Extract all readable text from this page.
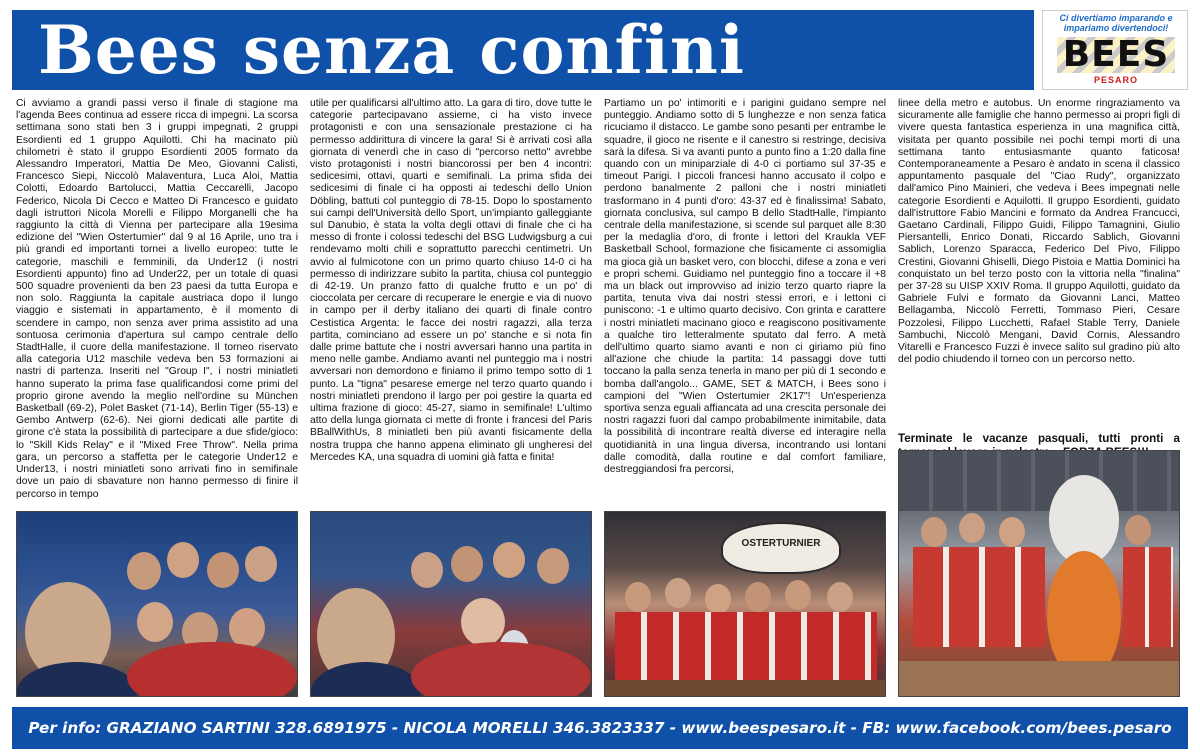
Bees senza confini	Ci divertiamo imparando e impariamo divertendoci!
BEES
PESARO

Ci avviamo a grandi passi verso il finale di stagione ma l'agenda Bees continua ad essere ricca di impegni. La scorsa settimana sono stati ben 3 i gruppi impegnati, 2 gruppi Esordienti ed 1 gruppo Aquilotti. Chi ha macinato più chilometri è stato il gruppo Esordienti 2005 formato da Alessandro Imperatori, Mattia De Meo, Giovanni Calisti, Francesco Siepi, Niccolò Malaventura, Luca Aloi, Mattia Colotti, Edoardo Bartolucci, Mattia Ceccarelli, Jacopo Federico, Nicola Di Cecco e Matteo Di Francesco e guidato dagli istruttori Nicola Morelli e Filippo Morganelli che ha raggiunto la città di Vienna per partecipare alla 19esima edizione del "Wien Ostertumier" dal 9 al 16 Aprile, uno tra i più grandi ed importanti tornei a livello europeo: tutte le categorie, maschili e femminili, da Under12 (i nostri Esordienti appunto) fino ad Under22, per un totale di quasi 500 squadre provenienti da ben 23 paesi da tutta Europa e non solo. Raggiunta la capitale austriaca dopo il lungo viaggio e sistemati in appartamento, è il momento di scendere in campo, non senza aver prima assistito ad una sontuosa cerimonia d'apertura sul campo centrale dello StadtHalle, il cuore della manifestazione. Il torneo riservato alla categoria U12 maschile vedeva ben 53 formazioni ai nastri di partenza. Inseriti nel "Group I", i nostri miniatleti hanno superato la prima fase qualificandosi come primi del proprio girone avendo la meglio nell'ordine su München Basketball (69-2), Polet Basket (71-14), Berlin Tiger (55-13) e Gembo Antwerp (62-6). Nei giorni dedicati alle partite di girone c'è stata la possibilità di partecipare a due sfide/gioco: lo "Skill Kids Relay" e il "Mixed Free Throw". Nella prima gara, un percorso a staffetta per le categorie Under12 e Under13, i nostri miniatleti sono arrivati fino in semifinale dove un paio di sbavature non hanno permesso di finire il percorso in tempo

utile per qualificarsi all'ultimo atto. La gara di tiro, dove tutte le categorie partecipavano assieme, ci ha visto invece protagonisti e con una sensazionale prestazione ci ha permesso addirittura di vincere la gara! Si è arrivati così alla giornata di venerdì che in caso di "percorso netto" avrebbe visto protagonisti i nostri biancorossi per ben 4 incontri: sedicesimi, ottavi, quarti e semifinali. La prima sfida dei sedicesimi di finale ci ha opposti ai tedeschi dello Union Döbling, battuti col punteggio di 78-15. Dopo lo spostamento sui campi dell'Università dello Sport, un'impianto galleggiante sul Danubio, è stata la volta degli ottavi di finale che ci ha messo di fronte i colossi tedeschi del BSG Ludwigsburg a cui rendevamo molti chili e soprattutto parecchi centimetri. Un avvio al fulmicotone con un primo quarto chiuso 14-0 ci ha permesso di indirizzare subito la partita, chiusa col punteggio di 42-19. Un pranzo fatto di qualche frutto e un po' di cioccolata per cercare di recuperare le energie e via di nuovo in campo per il derby italiano dei quarti di finale contro Cestistica Argenta: le facce dei nostri ragazzi, alla terza partita, cominciano ad essere un po' stanche e si nota fin dalle prime battute che i nostri avversari hanno una partita in meno nelle gambe. Andiamo avanti nel punteggio ma i nostri avversari non demordono e finiamo il primo tempo sotto di 1 punto. La "tigna" pesarese emerge nel terzo quarto quando i nostri miniatleti prendono il largo per poi gestire la quarta ed ultima frazione di gioco: 45-27, siamo in semifinale! L'ultimo atto della lunga giornata ci mette di fronte i francesi del Paris BBallWithUs, 8 miniatleti ben più avanti fisicamente della nostra truppa che hanno appena eliminato gli ungheresi del Mercedes KA, una squadra di uomini già fatta e finita!

Partiamo un po' intimoriti e i parigini guidano sempre nel punteggio. Andiamo sotto di 5 lunghezze e non senza fatica ricuciamo il distacco. Le gambe sono pesanti per entrambe le squadre, il gioco ne risente e il canestro si restringe, decisiva sarà la difesa. Si va avanti punto a punto fino a 1:20 dalla fine quando con un miniparziale di 4-0 ci portiamo sul 37-35 e timeout Parigi. I piccoli francesi hanno accusato il colpo e perdono banalmente 2 palloni che i nostri miniatleti trasformano in 4 punti d'oro: 43-37 ed è finalissima! Sabato, giornata conclusiva, sul campo B dello StadtHalle, l'impianto centrale della manifestazione, si scende sul parquet alle 8:30 per la medaglia d'oro, di fronte i lettori del Kraukla VEF Basketball School, formazione che fisicamente ci assomiglia ma gioca già un basket vero, con blocchi, difese a zona e veri e propri schemi. Guidiamo nel punteggio fino a toccare il +8 ma un black out improvviso ad inizio terzo quarto riapre la partita, tenuta viva dai nostri stessi errori, e i lettoni ci puniscono: -1 e ultimo quarto decisivo. Con grinta e carattere i nostri miniatleti macinano gioco e reagiscono positivamente a qualche tiro letteralmente sputato dal ferro. A metà dell'ultimo quarto siamo avanti e non ci giriamo più fino all'azione che chiude la partita: 14 passaggi dove tutti toccano la palla senza tenerla in mano per più di 1 secondo e bomba dall'angolo... GAME, SET & MATCH, i Bees sono i campioni del "Wien Ostertumier 2K17"! Un'esperienza sportiva senza eguali affiancata ad una crescita personale dei nostri ragazzi fuori dal campo probabilmente inimitabile, data la possibilità di incontrare realtà diverse ed interagire nella quotidianità in una lingua diversa, incontrando usi lontani dalle comodità, dalla routine e dal comfort familiare, destreggiandosi fra percorsi,

linee della metro e autobus. Un enorme ringraziamento va sicuramente alle famiglie che hanno permesso ai propri figli di vivere questa fantastica esperienza in una magnifica città, visitata per quanto possibile nei pochi tempi morti di una settimana tanto entusiasmante quanto faticosa! Contemporaneamente a Pesaro è andato in scena il classico appuntamento pasquale del "Ciao Rudy", organizzato dall'amico Pino Mainieri, che vedeva i Bees impegnati nelle categorie Esordienti e Aquilotti. Il gruppo Esordienti, guidato dall'istruttore Fabio Mancini e formato da Andrea Francucci, Gaetano Cardinali, Filippo Guidi, Filippo Tamagnini, Giulio Piersantelli, Enrico Donati, Riccardo Sablich, Giovanni Sablich, Lorenzo Sparacca, Federico Del Pivo, Filippo Crestini, Giovanni Ghiselli, Diego Pistoia e Mattia Dominici ha conquistato un bel terzo posto con la vittoria nella "finalina" per 37-28 su UISP XXIV Roma. Il gruppo Aquilotti, guidato da Gabriele Fulvi e formato da Giovanni Lanci, Matteo Bellagamba, Niccolò Ferretti, Tommaso Pieri, Cesare Pozzolesi, Filippo Lucchetti, Rafael Stable Terry, Daniele Sambuchi, Niccolò Mengani, David Cornis, Alessandro Vitarelli e Francesco Fuzzi è invece salito sul gradino più alto del podio chiudendo il torneo con un percorso netto.

Terminate le vacanze pasquali, tutti pronti a
OSTERTURNIER
Per info: GRAZIANO SARTINI 328.6891975 - NICOLA MORELLI 346.3823337 - www.beespesaro.it - FB: www.facebook.com/bees.pesaro
